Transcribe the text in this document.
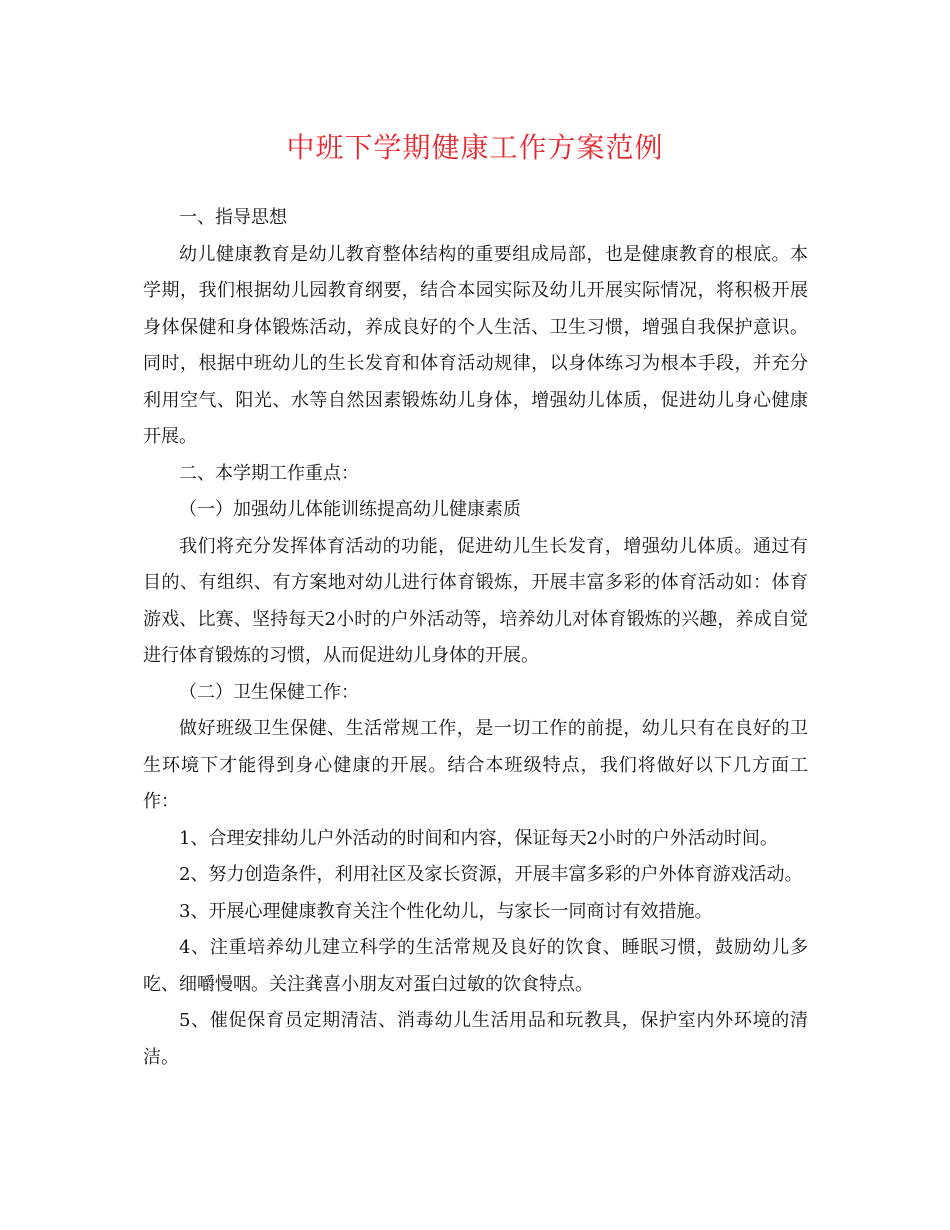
中班下学期健康工作方案范例

一、指导思想

幼儿健康教育是幼儿教育整体结构的重要组成局部，也是健康教育的根底。本学期，我们根据幼儿园教育纲要，结合本园实际及幼儿开展实际情况，将积极开展身体保健和身体锻炼活动，养成良好的个人生活、卫生习惯，增强自我保护意识。同时，根据中班幼儿的生长发育和体育活动规律，以身体练习为根本手段，并充分利用空气、阳光、水等自然因素锻炼幼儿身体，增强幼儿体质，促进幼儿身心健康开展。

二、本学期工作重点：

（一）加强幼儿体能训练提高幼儿健康素质

我们将充分发挥体育活动的功能，促进幼儿生长发育，增强幼儿体质。通过有目的、有组织、有方案地对幼儿进行体育锻炼，开展丰富多彩的体育活动如：体育游戏、比赛、坚持每天2小时的户外活动等，培养幼儿对体育锻炼的兴趣，养成自觉进行体育锻炼的习惯，从而促进幼儿身体的开展。

（二）卫生保健工作：

做好班级卫生保健、生活常规工作，是一切工作的前提，幼儿只有在良好的卫生环境下才能得到身心健康的开展。结合本班级特点，我们将做好以下几方面工作：

1、合理安排幼儿户外活动的时间和内容，保证每天2小时的户外活动时间。

2、努力创造条件，利用社区及家长资源，开展丰富多彩的户外体育游戏活动。

3、开展心理健康教育关注个性化幼儿，与家长一同商讨有效措施。

4、注重培养幼儿建立科学的生活常规及良好的饮食、睡眠习惯，鼓励幼儿多吃、细嚼慢咽。关注龚喜小朋友对蛋白过敏的饮食特点。

5、催促保育员定期清洁、消毒幼儿生活用品和玩教具，保护室内外环境的清洁。
